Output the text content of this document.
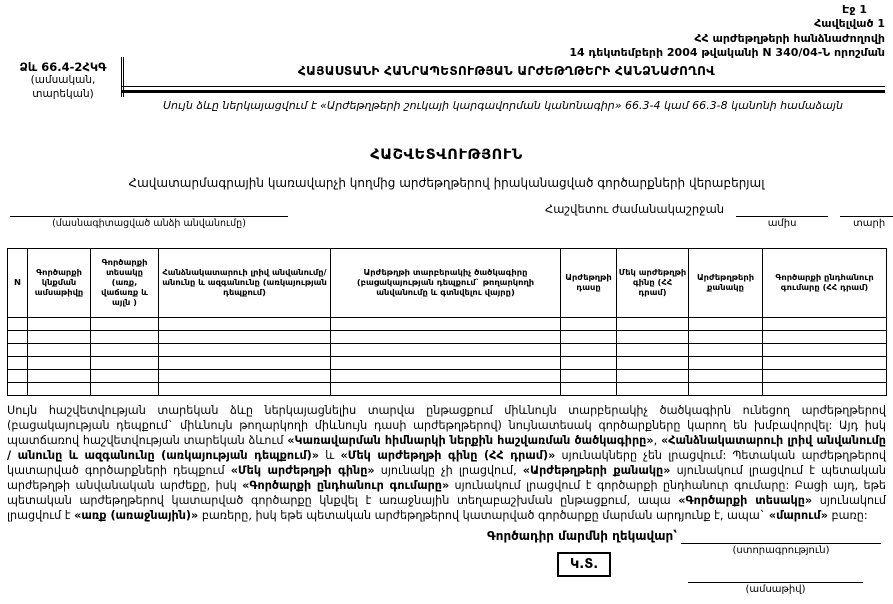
Էջ 1
Հավելված 1
ՀՀ արժեթղթերի հանձնաժողովի
14 դեկտեմբերի 2004 թվականի N 340/04-Ն որոշման
Ձև 66.4-2ՀԿԳ
(ամսական, տարեկան)
ՀԱՅԱՍՏԱՆԻ ՀԱՆՐԱՊԵՏՈՒԹՅԱՆ ԱՐԺԵԹՂԹԵՐԻ ՀԱՆՁՆԱԺՈՂՈՎ
Սույն ձևը ներկայացվում է «Արժեթղթերի շուկայի կարգավորման կանոնագիր» 66.3-4 կամ 66.3-8 կանոնի համաձայն
ՀԱՇՎԵՏՎՈՒԹՅՈՒՆ
Հավատարմագրային կառավարչի կողմից արժեթղթերով իրականացված գործարքների վերաբերյալ
(մասնագիտացված անձի անվանումը)
Հաշվետու ժամանակաշրջան
ամիս	տարի
N	Գործարքի կնքման ամսաթիվը	Գործարքի տեսակը (առք, վաճառք և այլն )	Հանձնակատարուի լրիվ անվանումը/ անունը և ազգանունը (առկայության դեպքում)	Արժեթղթի տարբերակիչ ծածկագիրը (բացակայության դեպքում` թողարկողի անվանումը և գտնվելու վայրը)	Արժեթղթի դասը	Մեկ արժեթղթի գինը (ՀՀ դրամ)	Արժեթղթերի քանակը	Գործարքի ընդհանուր գումարը (ՀՀ դրամ)

Սույն հաշվետվության տարեկան ձևը ներկայացնելիս տարվա ընթացքում միևնույն տարբերակիչ ծածկագիրն ունեցող արժեթղթերով (բացակայության դեպքում` միևնույն թողարկողի միևնույն դասի արժեթղթերով) նույնատեսակ գործարքները կարող են խմբավորվել: Այդ իսկ պատճառով հաշվետվության տարեկան ձևում «Կառավարման հիմնարկի ներքին հաշվառման ծածկագիրը», «Հանձնակատարուի լրիվ անվանումը / անունը և ազգանունը (առկայության դեպքում)» և «Մեկ արժեթղթի գինը (ՀՀ դրամ)» սյունակները չեն լրացվում: Պետական արժեթղթերով կատարված գործարքների դեպքում «Մեկ արժեթղթի գինը» սյունակը չի լրացվում, «Արժեթղթերի քանակը» սյունակում լրացվում է պետական արժեթղթի անվանական արժեքը, իսկ «Գործարքի ընդհանուր գումարը» սյունակում լրացվում է գործարքի ընդհանուր գումարը: Բացի այդ, եթե պետական արժեթղթերով կատարված գործարքը կնքվել է առաջնային տեղաբաշխման ընթացքում, ապա «Գործարքի տեսակը» սյունակում լրացվում է «առք (առաջնային)» բառերը, իսկ եթե պետական արժեթղթերով կատարված գործարքը մարման արդյունք է, ապա` «մարում» բառը:
Գործադիր մարմնի ղեկավար՝
(ստորագրություն)
Կ.Տ.
(ամսաթիվ)
